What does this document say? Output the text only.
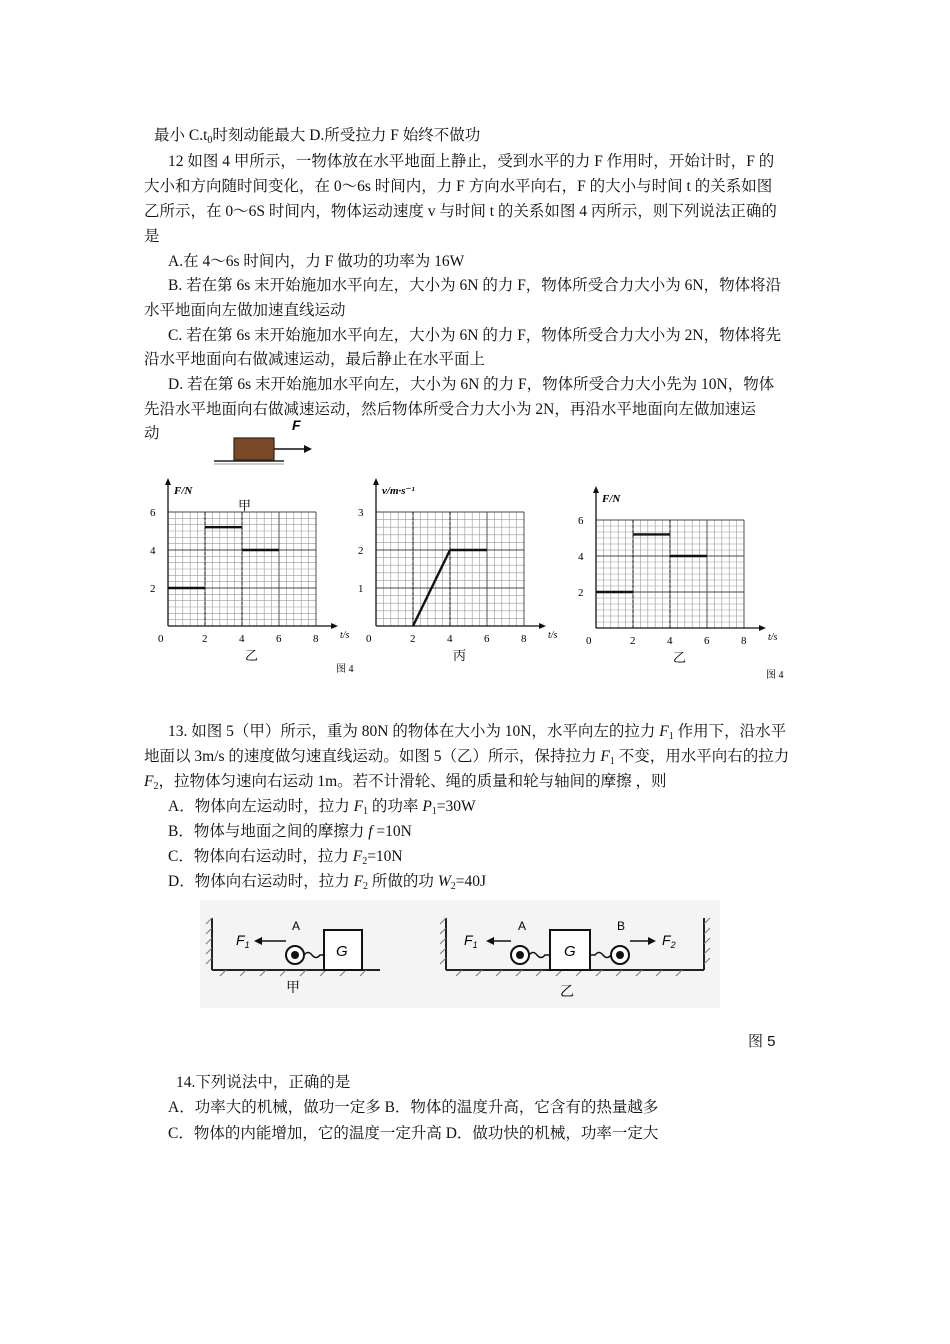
最小 $C.t_0$时刻动能最大 D.所受拉力 F 始终不做功
12 如图 4 甲所示，一物体放在水平地面上静止，受到水平的力 F 作用时，开始计时，F 的
大小和方向随时间变化，在 0～6s 时间内，力 F 方向水平向右，F 的大小与时间 t 的关系如图
乙所示，在 0～6S 时间内，物体运动速度 v 与时间 t 的关系如图 4 丙所示，则下列说法正确的
是
A.在 4～6s 时间内，力 F 做功的功率为 16W
B. 若在第 6s 末开始施加水平向左，大小为 6N 的力 F，物体所受合力大小为 6N，物体将沿
水平地面向左做加速直线运动
C. 若在第 6s 末开始施加水平向左，大小为 6N 的力 F，物体所受合力大小为 2N，物体将先
沿水平地面向右做减速运动，最后静止在水平面上
D. 若在第 6s 末开始施加水平向左，大小为 6N 的力 F，物体所受合力大小先为 10N，物体
先沿水平地面向右做减速运动，然后物体所受合力大小为 2N，再沿水平地面向左做加速运
动	F
0	2	4	6	8
2
4
6
F/N
t/s
乙
0	2	4	6	8
1
2
3
v/m·s⁻¹
t/s
丙
0	2	4	6	8
2
4
6
F/N
t/s
乙
甲
图 4
图 4
13. 如图 5（甲）所示，重为 80N 的物体在大小为 10N，水平向左的拉力 $F_1$ 作用下，沿水平
地面以 3m/s 的速度做匀速直线运动。如图 5（乙）所示，保持拉力 $F_1$ 不变，用水平向右的拉力
$F_2$，拉物体匀速向右运动 1m。若不计滑轮、绳的质量和轮与轴间的摩擦 ，则
A．物体向左运动时，拉力 $F_1$ 的功率 $P_1=30W$
B．物体与地面之间的摩擦力 f =10N
C．物体向右运动时，拉力 $F_2=10N$
D．物体向右运动时，拉力 $F_2$ 所做的功 $W_2=40J$
G
A
$F_1$
甲
G
A	B
$F_1$	$F_2$
乙
图 5
14.下列说法中，正确的是
A．功率大的机械，做功一定多 B．物体的温度升高，它含有的热量越多
C．物体的内能增加，它的温度一定升高 D．做功快的机械，功率一定大
